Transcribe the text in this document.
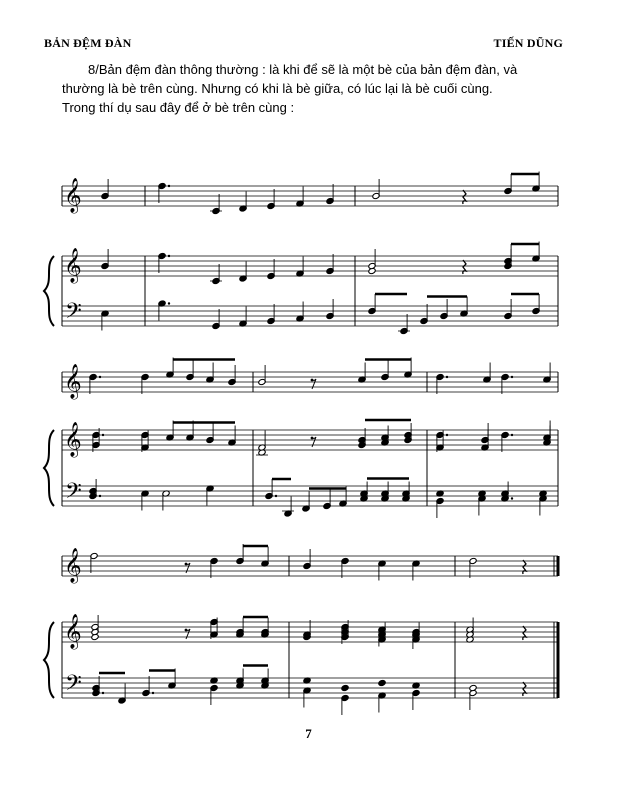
BẢN ĐỆM ĐÀN	TIẾN DŨNG

8/Bản đệm đàn thông thường : là khi để sẽ là một bè của bản đệm đàn, và

thường là bè trên cùng. Nhưng có khi là bè giữa, có lúc lại là bè cuối cùng.

Trong thí dụ sau đây để ở bè trên cùng :

𝄞
𝄞
𝄢
𝄞
𝄞
𝄢
𝄞
𝄞
𝄢
7
